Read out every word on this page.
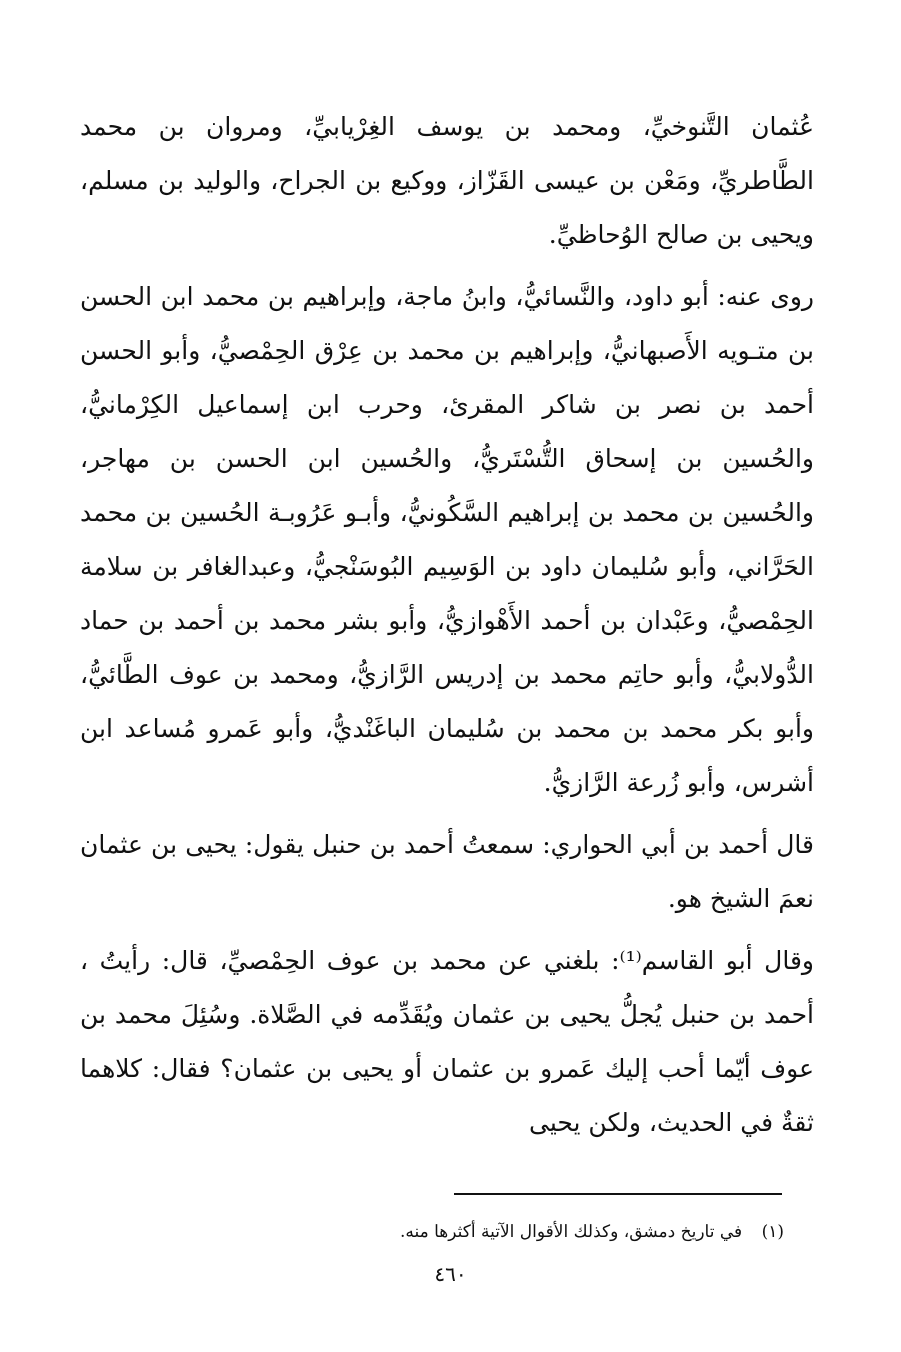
عُثمان التَّنوخيِّ، ومحمد بن يوسف الغِرْيابيِّ، ومروان بن محمد الطَّاطريِّ، ومَعْن بن عيسى القَزّاز، ووكيع بن الجراح، والوليد بن مسلم، ويحيى بن صالح الوُحاظيِّ.

روى عنه: أبو داود، والنَّسائيُّ، وابنُ ماجة، وإبراهيم بن محمد ابن الحسن بن متـويه الأَصبهانيُّ، وإبراهيم بن محمد بن عِرْق الحِمْصيُّ، وأبو الحسن أحمد بن نصر بن شاكر المقرئ، وحرب ابن إسماعيل الكِرْمانيُّ، والحُسين بن إسحاق التُّسْتَريُّ، والحُسين ابن الحسن بن مهاجر، والحُسين بن محمد بن إبراهيم السَّكُونيُّ، وأبـو عَرُوبـة الحُسين بن محمد الحَرَّاني، وأبو سُليمان داود بن الوَسِيم البُوسَنْجيُّ، وعبدالغافر بن سلامة الحِمْصيُّ، وعَبْدان بن أحمد الأَهْوازيُّ، وأبو بشر محمد بن أحمد بن حماد الدُّولابيُّ، وأبو حاتِم محمد بن إدريس الرَّازيُّ، ومحمد بن عوف الطَّائيُّ، وأبو بكر محمد بن محمد بن سُليمان الباغَنْديُّ، وأبو عَمرو مُساعد ابن أشرس، وأبو زُرعة الرَّازيُّ.

قال أحمد بن أبي الحواري: سمعتُ أحمد بن حنبل يقول: يحيى بن عثمان نعمَ الشيخ هو.

وقال أبو القاسم⁽¹⁾: بلغني عن محمد بن عوف الحِمْصيِّ، قال: رأيتُ ، أحمد بن حنبل يُجلُّ يحيى بن عثمان ويُقَدِّمه في الصَّلاة. وسُئِلَ محمد بن عوف أيّما أحب إليك عَمرو بن عثمان أو يحيى بن عثمان؟ فقال: كلاهما ثقةٌ في الحديث، ولكن يحيى

(١) في تاريخ دمشق، وكذلك الأقوال الآتية أكثرها منه.
٤٦٠
